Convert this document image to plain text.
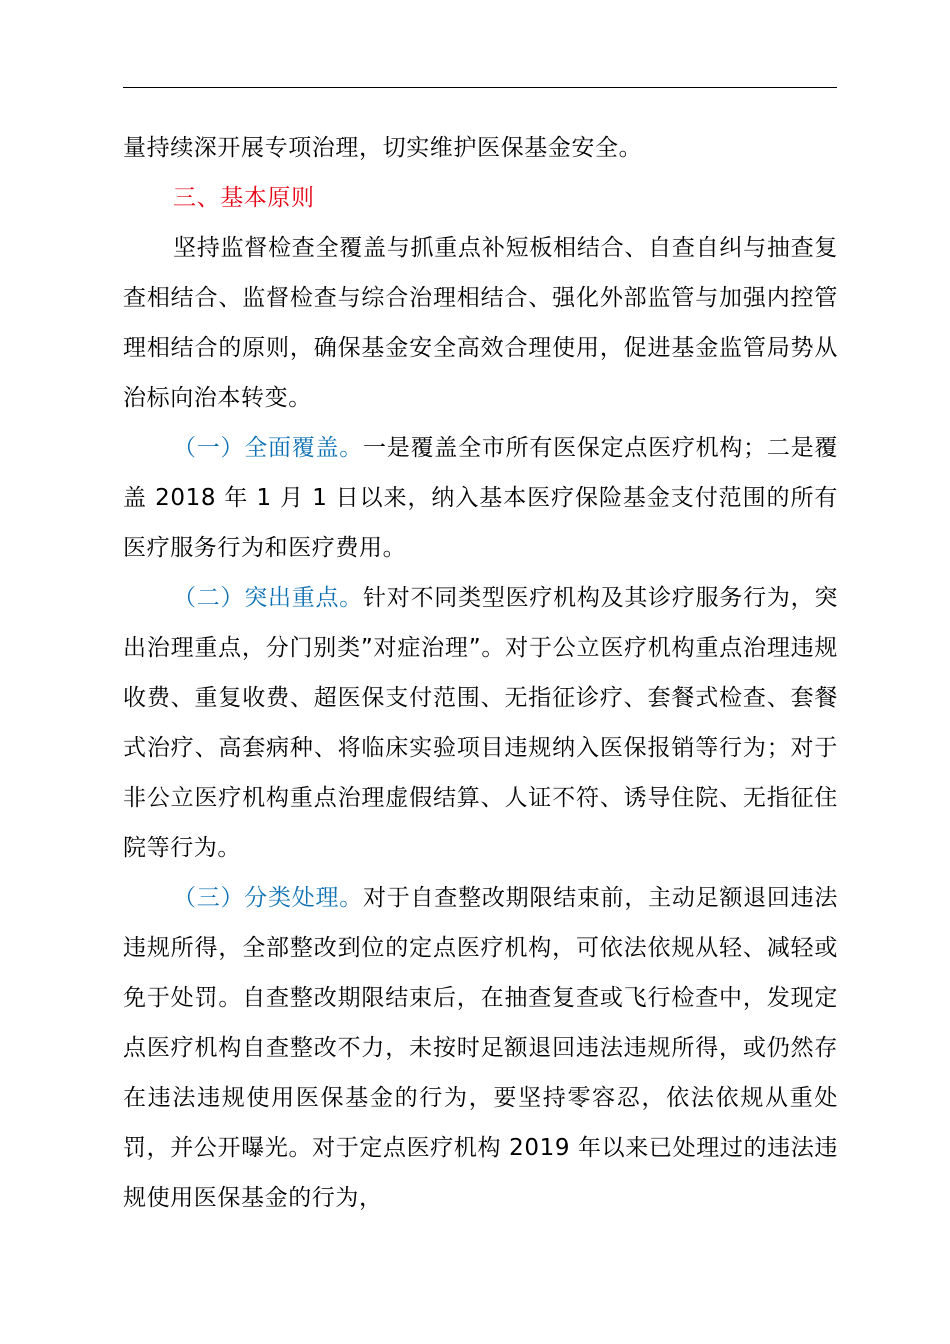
量持续深开展专项治理，切实维护医保基金安全。

三、基本原则

坚持监督检查全覆盖与抓重点补短板相结合、自查自纠与抽查复查相结合、监督检查与综合治理相结合、强化外部监管与加强内控管理相结合的原则，确保基金安全高效合理使用，促进基金监管局势从治标向治本转变。

（一）全面覆盖。一是覆盖全市所有医保定点医疗机构；二是覆盖 2018 年 1 月 1 日以来，纳入基本医疗保险基金支付范围的所有医疗服务行为和医疗费用。

（二）突出重点。针对不同类型医疗机构及其诊疗服务行为，突出治理重点，分门别类”对症治理”。对于公立医疗机构重点治理违规收费、重复收费、超医保支付范围、无指征诊疗、套餐式检查、套餐式治疗、高套病种、将临床实验项目违规纳入医保报销等行为；对于非公立医疗机构重点治理虚假结算、人证不符、诱导住院、无指征住院等行为。

（三）分类处理。对于自查整改期限结束前，主动足额退回违法违规所得，全部整改到位的定点医疗机构，可依法依规从轻、减轻或免于处罚。自查整改期限结束后，在抽查复查或飞行检查中，发现定点医疗机构自查整改不力，未按时足额退回违法违规所得，或仍然存在违法违规使用医保基金的行为，要坚持零容忍，依法依规从重处罚，并公开曝光。对于定点医疗机构 2019 年以来已处理过的违法违规使用医保基金的行为，
